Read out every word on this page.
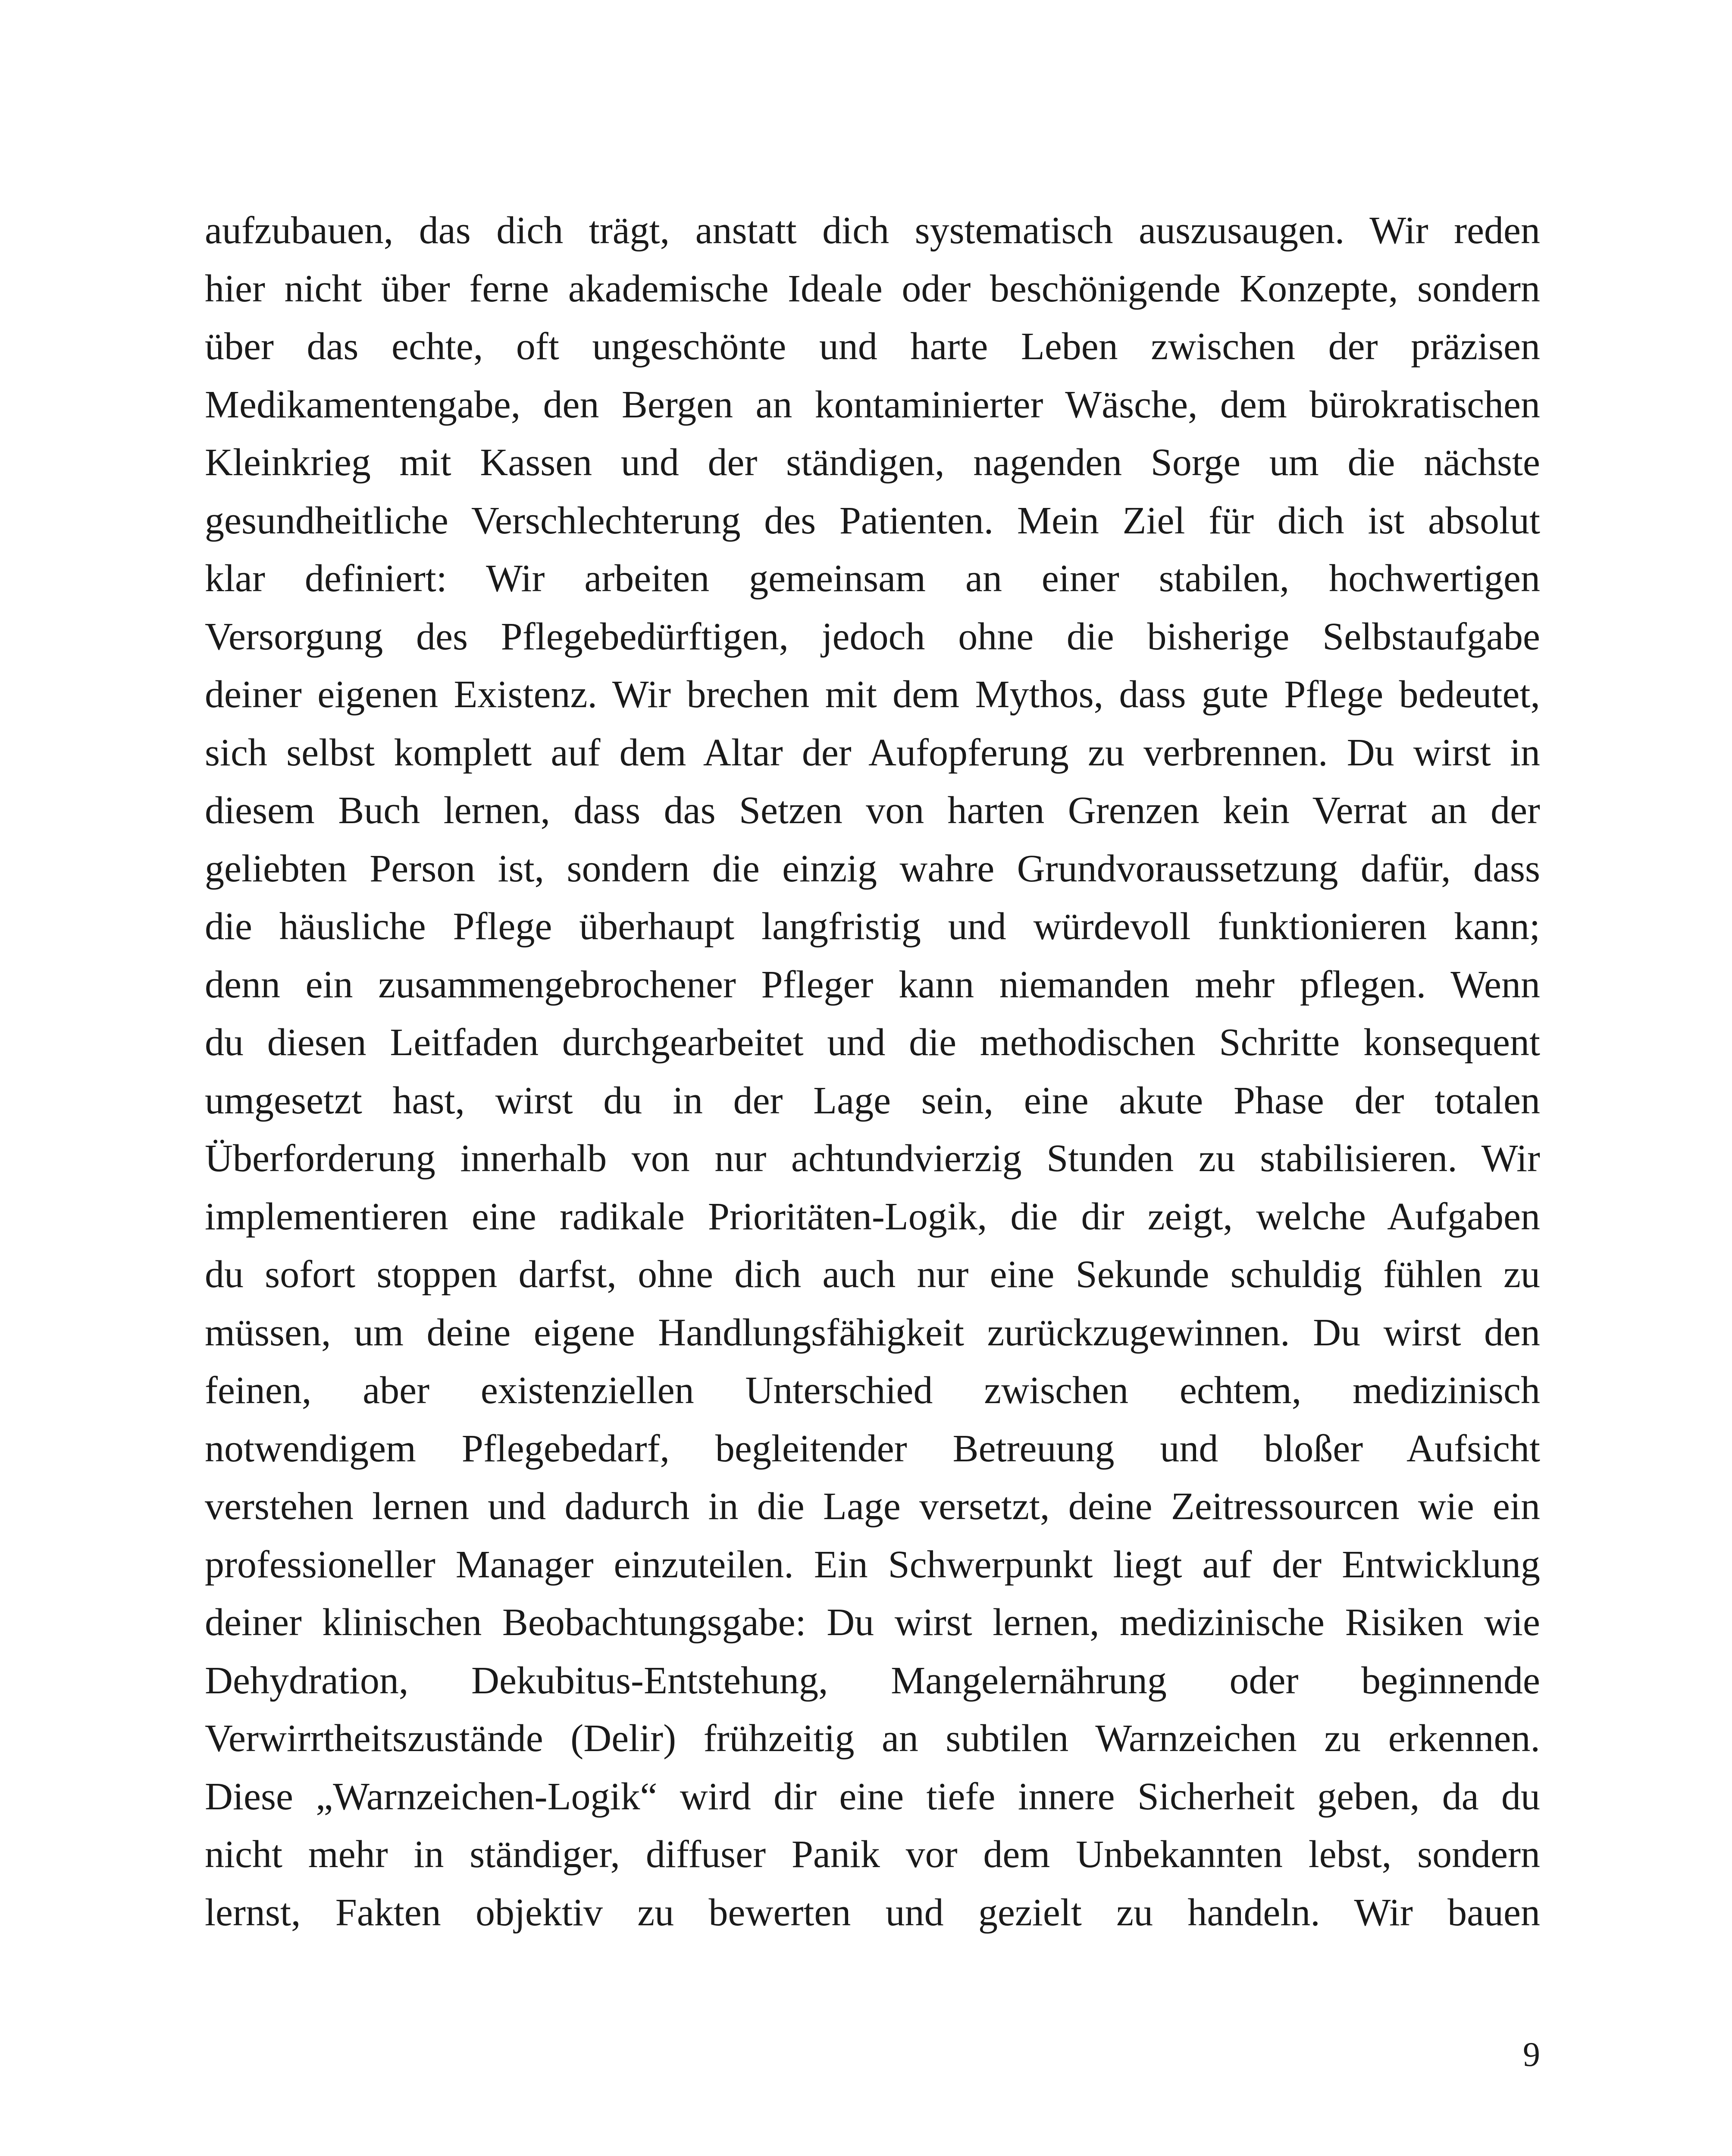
aufzubauen, das dich trägt, anstatt dich systematisch auszusaugen. Wir reden
hier nicht über ferne akademische Ideale oder beschönigende Konzepte, sondern
über das echte, oft ungeschönte und harte Leben zwischen der präzisen
Medikamentengabe, den Bergen an kontaminierter Wäsche, dem bürokratischen
Kleinkrieg mit Kassen und der ständigen, nagenden Sorge um die nächste
gesundheitliche Verschlechterung des Patienten. Mein Ziel für dich ist absolut
klar definiert: Wir arbeiten gemeinsam an einer stabilen, hochwertigen
Versorgung des Pflegebedürftigen, jedoch ohne die bisherige Selbstaufgabe
deiner eigenen Existenz. Wir brechen mit dem Mythos, dass gute Pflege bedeutet,
sich selbst komplett auf dem Altar der Aufopferung zu verbrennen. Du wirst in
diesem Buch lernen, dass das Setzen von harten Grenzen kein Verrat an der
geliebten Person ist, sondern die einzig wahre Grundvoraussetzung dafür, dass
die häusliche Pflege überhaupt langfristig und würdevoll funktionieren kann;
denn ein zusammengebrochener Pfleger kann niemanden mehr pflegen. Wenn
du diesen Leitfaden durchgearbeitet und die methodischen Schritte konsequent
umgesetzt hast, wirst du in der Lage sein, eine akute Phase der totalen
Überforderung innerhalb von nur achtundvierzig Stunden zu stabilisieren. Wir
implementieren eine radikale Prioritäten-Logik, die dir zeigt, welche Aufgaben
du sofort stoppen darfst, ohne dich auch nur eine Sekunde schuldig fühlen zu
müssen, um deine eigene Handlungsfähigkeit zurückzugewinnen. Du wirst den
feinen, aber existenziellen Unterschied zwischen echtem, medizinisch
notwendigem Pflegebedarf, begleitender Betreuung und bloßer Aufsicht
verstehen lernen und dadurch in die Lage versetzt, deine Zeitressourcen wie ein
professioneller Manager einzuteilen. Ein Schwerpunkt liegt auf der Entwicklung
deiner klinischen Beobachtungsgabe: Du wirst lernen, medizinische Risiken wie
Dehydration, Dekubitus-Entstehung, Mangelernährung oder beginnende
Verwirrtheitszustände (Delir) frühzeitig an subtilen Warnzeichen zu erkennen.
Diese „Warnzeichen-Logik“ wird dir eine tiefe innere Sicherheit geben, da du
nicht mehr in ständiger, diffuser Panik vor dem Unbekannten lebst, sondern
lernst, Fakten objektiv zu bewerten und gezielt zu handeln. Wir bauen
9
